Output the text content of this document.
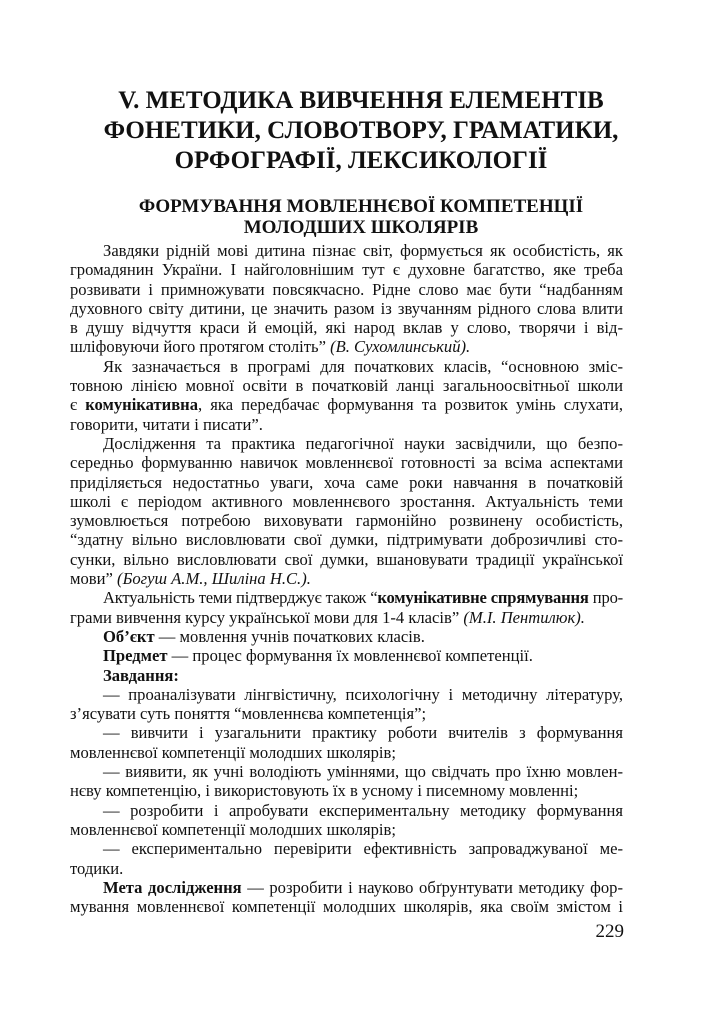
V. МЕТОДИКА ВИВЧЕННЯ ЕЛЕМЕНТІВ
ФОНЕТИКИ, СЛОВОТВОРУ, ГРАМАТИКИ,
ОРФОГРАФІЇ, ЛЕКСИКОЛОГІЇ
ФОРМУВАННЯ МОВЛЕННЄВОЇ КОМПЕТЕНЦІЇ
МОЛОДШИХ ШКОЛЯРІВ
Завдяки рідній мові дитина пізнає світ, формується як особистість, як
громадянин України. І найголовнішим тут є духовне багатство, яке треба
розвивати і примножувати повсякчасно. Рідне слово має бути “надбанням
духовного світу дитини, це значить разом із звучанням рідного слова влити
в душу відчуття краси й емоцій, які народ вклав у слово, творячи і від-
шліфовуючи його протягом століть” (В. Сухомлинський).
Як зазначається в програмі для початкових класів, “основною зміс-
товною лінією мовної освіти в початковій ланці загальноосвітньої школи
є комунікативна, яка передбачає формування та розвиток умінь слухати,
говорити, читати і писати”.
Дослідження та практика педагогічної науки засвідчили, що безпо-
середньо формуванню навичок мовленнєвої готовності за всіма аспектами
приділяється недостатньо уваги, хоча саме роки навчання в початковій
школі є періодом активного мовленнєвого зростання. Актуальність теми
зумовлюється потребою виховувати гармонійно розвинену особистість,
“здатну вільно висловлювати свої думки, підтримувати доброзичливі сто-
сунки, вільно висловлювати свої думки, вшановувати традиції української
мови” (Богуш А.М., Шиліна Н.С.).
Актуальність теми підтверджує також “комунікативне спрямування про-
грами вивчення курсу української мови для 1-4 класів” (М.І. Пентилюк).
Об’єкт — мовлення учнів початкових класів.
Предмет — процес формування їх мовленнєвої компетенції.
Завдання:
— проаналізувати лінгвістичну, психологічну і методичну літературу,
з’ясувати суть поняття “мовленнєва компетенція”;
— вивчити і узагальнити практику роботи вчителів з формування
мовленнєвої компетенції молодших школярів;
— виявити, як учні володіють уміннями, що свідчать про їхню мовлен-
нєву компетенцію, і використовують їх в усному і писемному мовленні;
— розробити і апробувати експериментальну методику формування
мовленнєвої компетенції молодших школярів;
— експериментально перевірити ефективність запроваджуваної ме-
тодики.
Мета дослідження — розробити і науково обґрунтувати методику фор-
мування мовленнєвої компетенції молодших школярів, яка своїм змістом і
229
